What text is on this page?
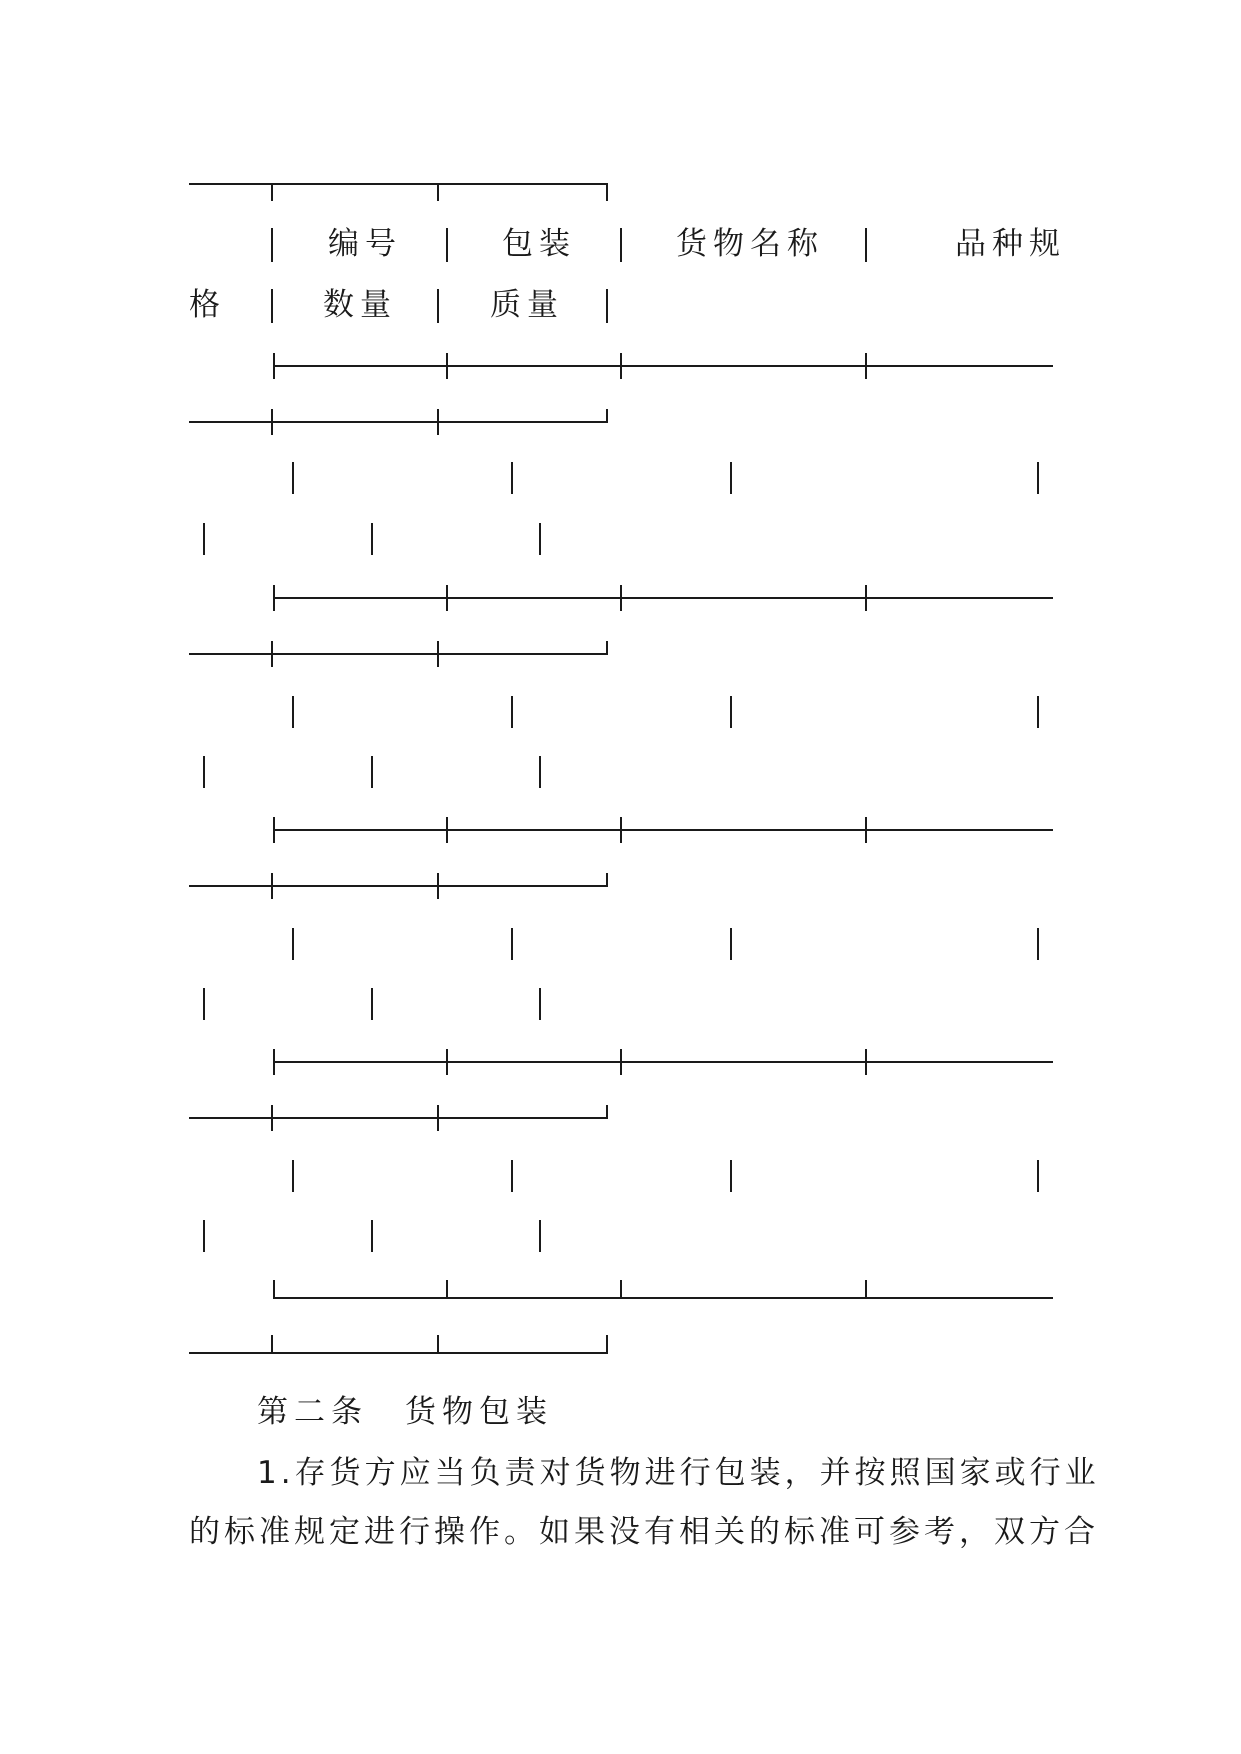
编号	包装	货物名称	品种规
格	数量	质量
第二条　货物包装
1.存货方应当负责对货物进行包装，并按照国家或行业
的标准规定进行操作。如果没有相关的标准可参考，双方合
